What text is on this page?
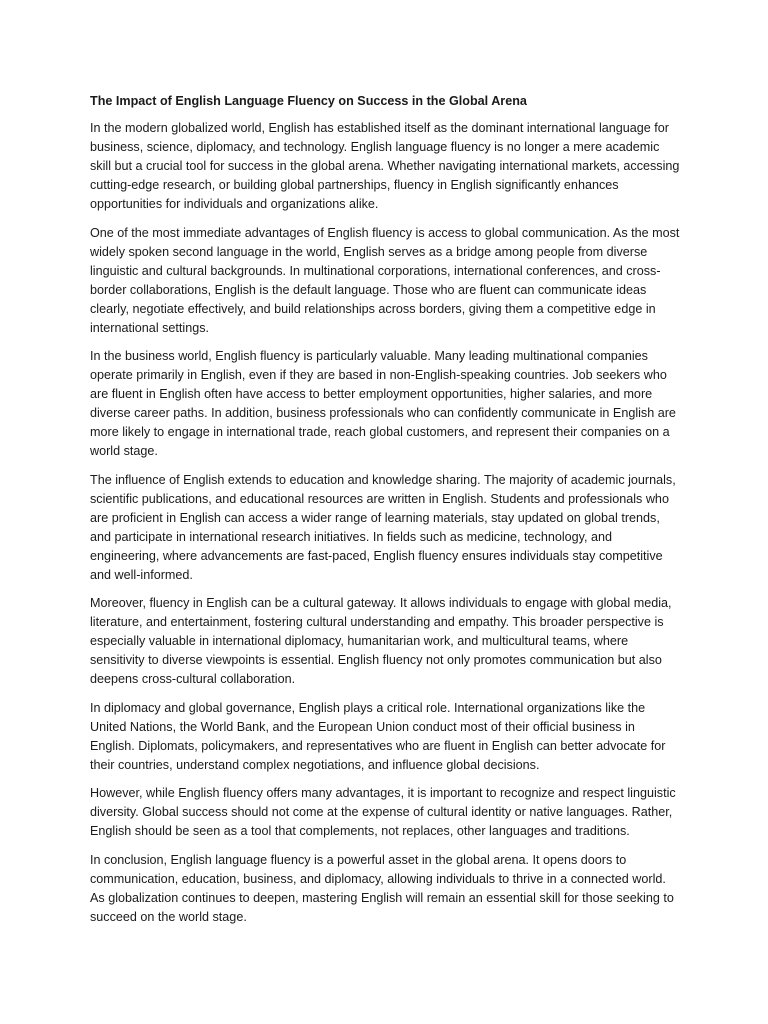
The Impact of English Language Fluency on Success in the Global Arena

In the modern globalized world, English has established itself as the dominant international language for business, science, diplomacy, and technology. English language fluency is no longer a mere academic skill but a crucial tool for success in the global arena. Whether navigating international markets, accessing cutting-edge research, or building global partnerships, fluency in English significantly enhances opportunities for individuals and organizations alike.

One of the most immediate advantages of English fluency is access to global communication. As the most widely spoken second language in the world, English serves as a bridge among people from diverse linguistic and cultural backgrounds. In multinational corporations, international conferences, and cross-border collaborations, English is the default language. Those who are fluent can communicate ideas clearly, negotiate effectively, and build relationships across borders, giving them a competitive edge in international settings.

In the business world, English fluency is particularly valuable. Many leading multinational companies operate primarily in English, even if they are based in non-English-speaking countries. Job seekers who are fluent in English often have access to better employment opportunities, higher salaries, and more diverse career paths. In addition, business professionals who can confidently communicate in English are more likely to engage in international trade, reach global customers, and represent their companies on a world stage.

The influence of English extends to education and knowledge sharing. The majority of academic journals, scientific publications, and educational resources are written in English. Students and professionals who are proficient in English can access a wider range of learning materials, stay updated on global trends, and participate in international research initiatives. In fields such as medicine, technology, and engineering, where advancements are fast-paced, English fluency ensures individuals stay competitive and well-informed.

Moreover, fluency in English can be a cultural gateway. It allows individuals to engage with global media, literature, and entertainment, fostering cultural understanding and empathy. This broader perspective is especially valuable in international diplomacy, humanitarian work, and multicultural teams, where sensitivity to diverse viewpoints is essential. English fluency not only promotes communication but also deepens cross-cultural collaboration.

In diplomacy and global governance, English plays a critical role. International organizations like the United Nations, the World Bank, and the European Union conduct most of their official business in English. Diplomats, policymakers, and representatives who are fluent in English can better advocate for their countries, understand complex negotiations, and influence global decisions.

However, while English fluency offers many advantages, it is important to recognize and respect linguistic diversity. Global success should not come at the expense of cultural identity or native languages. Rather, English should be seen as a tool that complements, not replaces, other languages and traditions.

In conclusion, English language fluency is a powerful asset in the global arena. It opens doors to communication, education, business, and diplomacy, allowing individuals to thrive in a connected world. As globalization continues to deepen, mastering English will remain an essential skill for those seeking to succeed on the world stage.
